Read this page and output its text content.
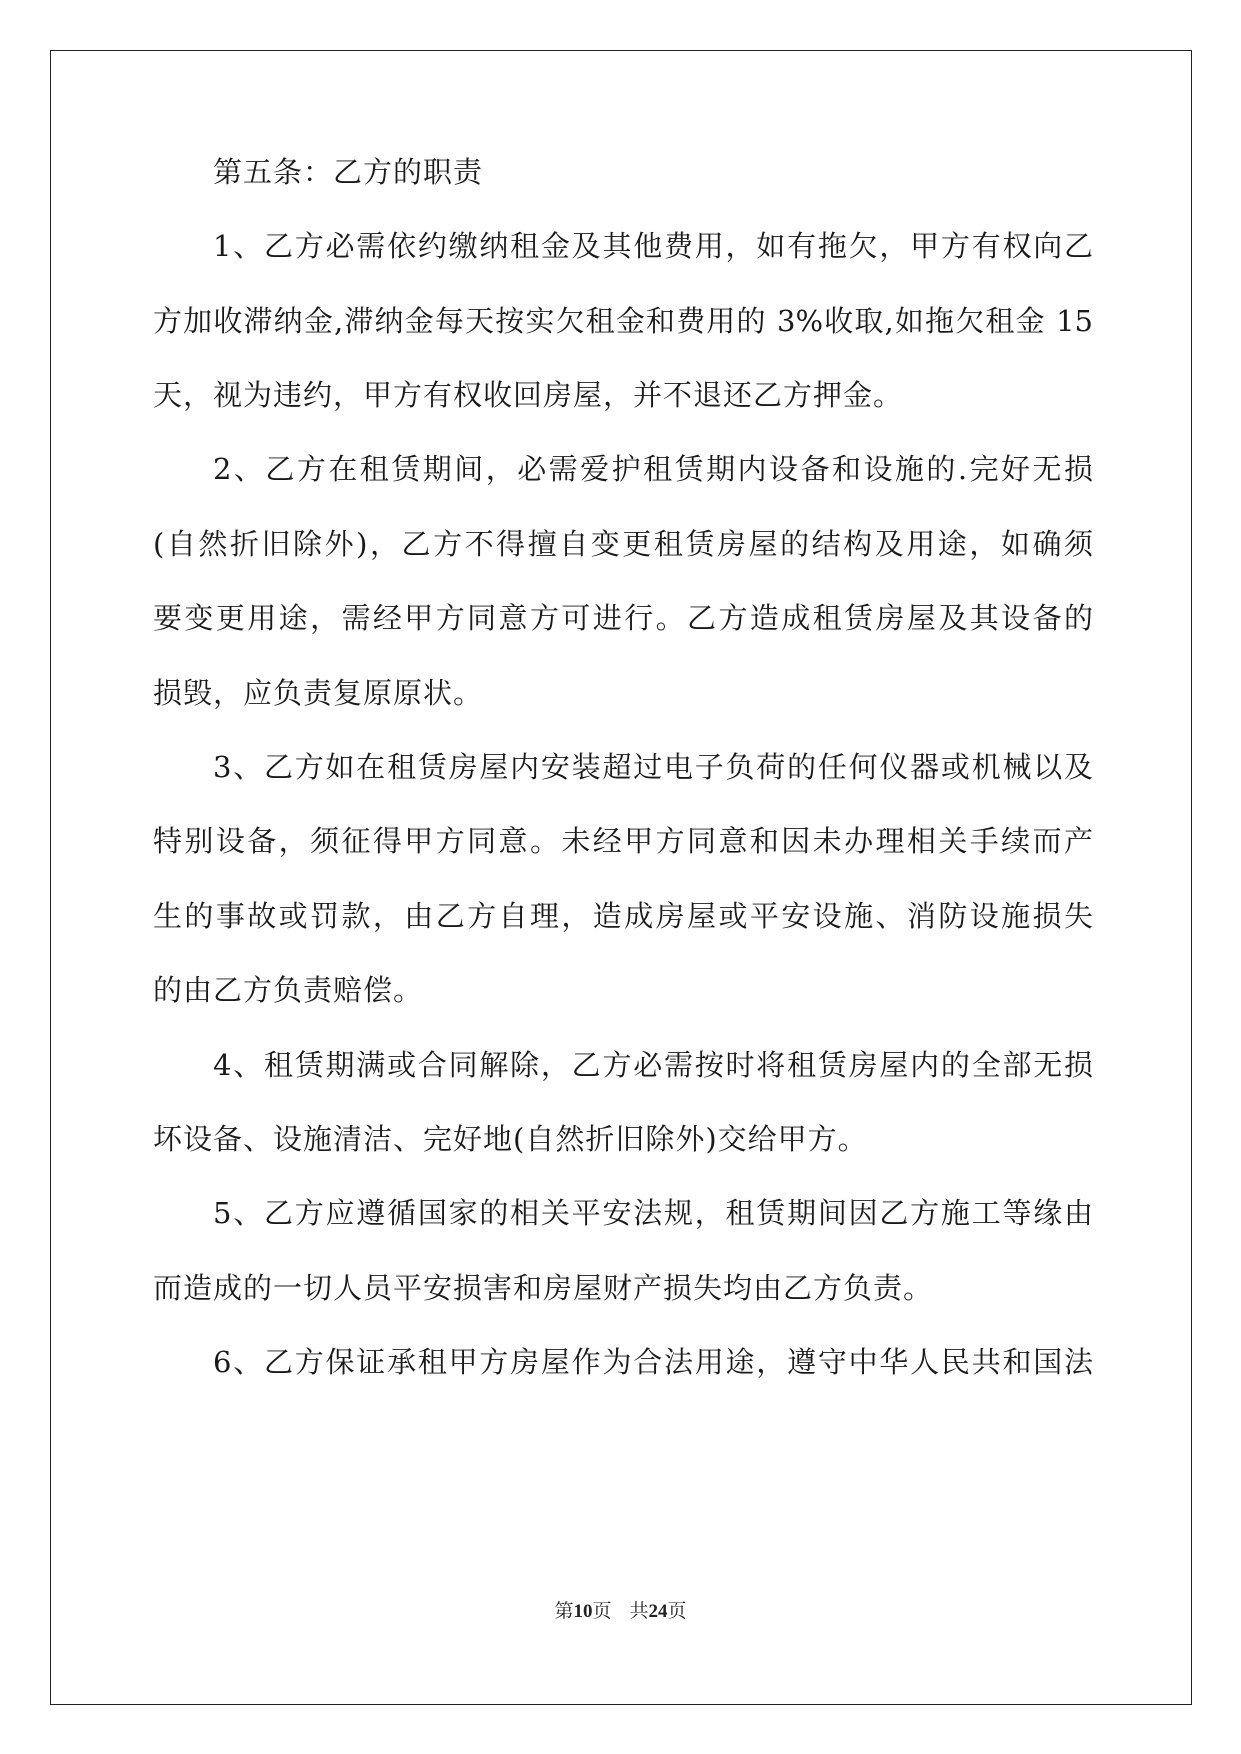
第五条：乙方的职责
1、乙方必需依约缴纳租金及其他费用，如有拖欠，甲方有权向乙
方加收滞纳金,滞纳金每天按实欠租金和费用的 3%收取,如拖欠租金 15
天，视为违约，甲方有权收回房屋，并不退还乙方押金。
2、乙方在租赁期间，必需爱护租赁期内设备和设施的.完好无损
(自然折旧除外)，乙方不得擅自变更租赁房屋的结构及用途，如确须
要变更用途，需经甲方同意方可进行。乙方造成租赁房屋及其设备的
损毁，应负责复原原状。
3、乙方如在租赁房屋内安装超过电子负荷的任何仪器或机械以及
特别设备，须征得甲方同意。未经甲方同意和因未办理相关手续而产
生的事故或罚款，由乙方自理，造成房屋或平安设施、消防设施损失
的由乙方负责赔偿。
4、租赁期满或合同解除，乙方必需按时将租赁房屋内的全部无损
坏设备、设施清洁、完好地(自然折旧除外)交给甲方。
5、乙方应遵循国家的相关平安法规，租赁期间因乙方施工等缘由
而造成的一切人员平安损害和房屋财产损失均由乙方负责。
6、乙方保证承租甲方房屋作为合法用途，遵守中华人民共和国法
第10页 共24页
